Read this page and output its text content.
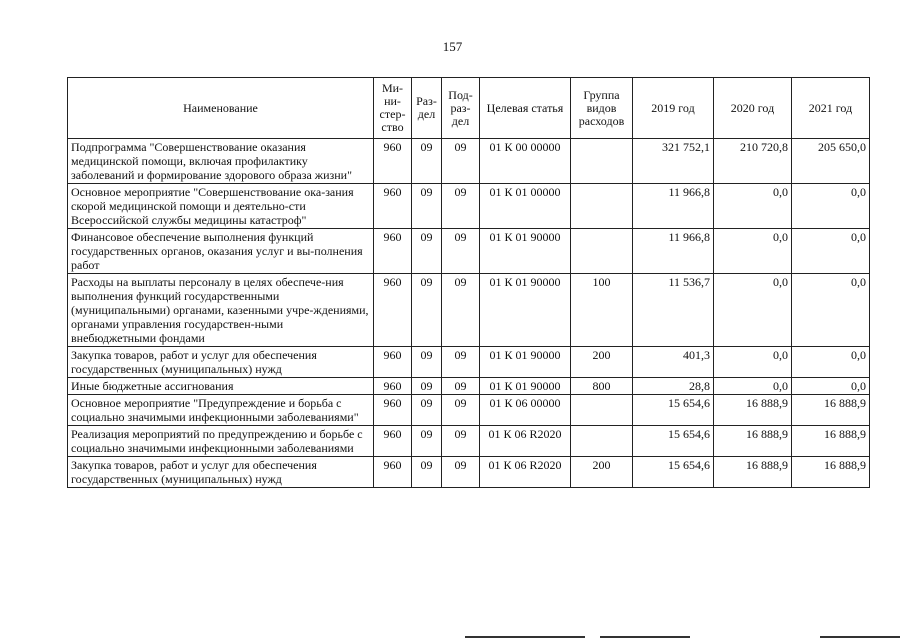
157
Наименование	Ми-ни-стер-ство	Раз-дел	Под-раз-дел	Целевая статья	Группа видов расходов	2019 год	2020 год	2021 год
Подпрограмма "Совершенствование оказания медицинской помощи, включая профилактику заболеваний и формирование здорового образа жизни"	960	09	09	01 К 00 00000		321 752,1	210 720,8	205 650,0
Основное мероприятие "Совершенствование ока-зания скорой медицинской помощи и деятельно-сти Всероссийской службы медицины катастроф"	960	09	09	01 К 01 00000		11 966,8	0,0	0,0
Финансовое обеспечение выполнения функций государственных органов, оказания услуг и вы-полнения работ	960	09	09	01 К 01 90000		11 966,8	0,0	0,0
Расходы на выплаты персоналу в целях обеспече-ния выполнения функций государственными (муниципальными) органами, казенными учре-ждениями, органами управления государствен-ными внебюджетными фондами	960	09	09	01 К 01 90000	100	11 536,7	0,0	0,0
Закупка товаров, работ и услуг для обеспечения государственных (муниципальных) нужд	960	09	09	01 К 01 90000	200	401,3	0,0	0,0
Иные бюджетные ассигнования	960	09	09	01 К 01 90000	800	28,8	0,0	0,0
Основное мероприятие "Предупреждение и борьба с социально значимыми инфекционными заболеваниями"	960	09	09	01 К 06 00000		15 654,6	16 888,9	16 888,9
Реализация мероприятий по предупреждению и борьбе с социально значимыми инфекционными заболеваниями	960	09	09	01 К 06 R2020		15 654,6	16 888,9	16 888,9
Закупка товаров, работ и услуг для обеспечения государственных (муниципальных) нужд	960	09	09	01 К 06 R2020	200	15 654,6	16 888,9	16 888,9
